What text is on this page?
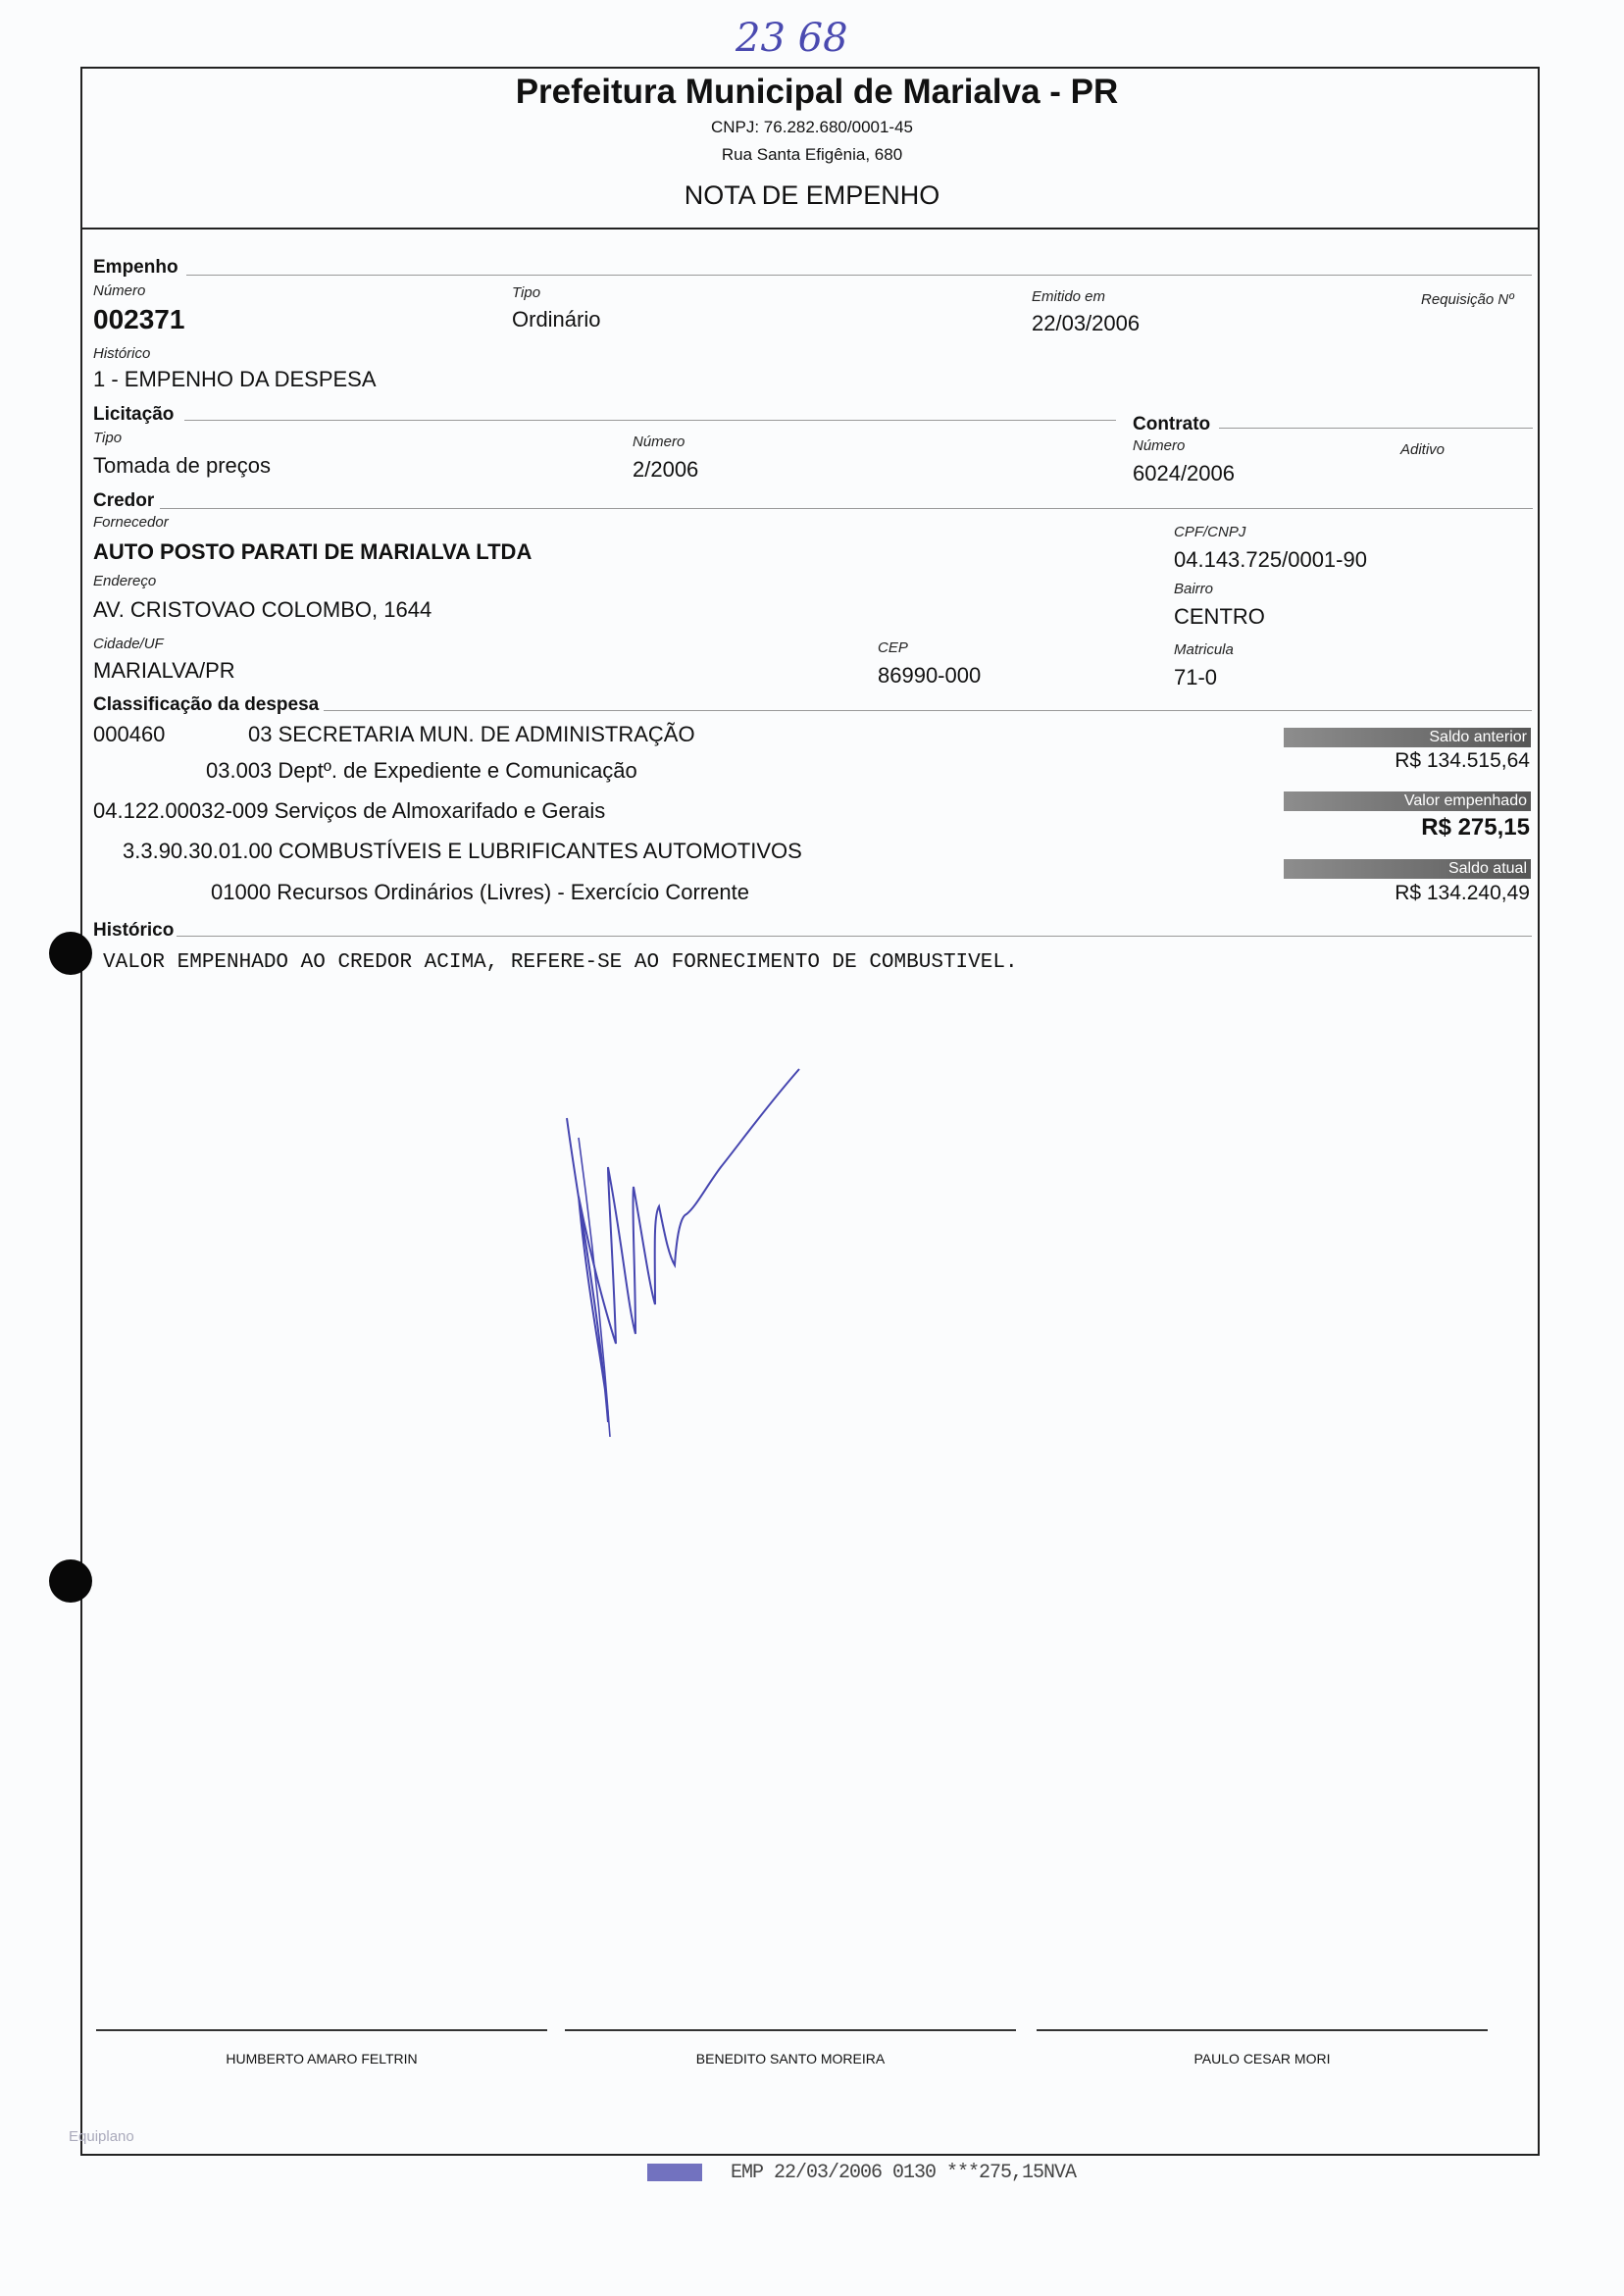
23 68
Prefeitura Municipal de Marialva - PR
CNPJ: 76.282.680/0001-45
Rua Santa Efigênia, 680
NOTA DE EMPENHO
Empenho
Número
002371
Tipo
Ordinário
Emitido em
22/03/2006
Requisição Nº
Histórico
1 - EMPENHO DA DESPESA
Licitação
Tipo
Tomada de preços
Número
2/2006
Contrato
Número
6024/2006
Aditivo
Credor
Fornecedor
AUTO POSTO PARATI DE MARIALVA LTDA
CPF/CNPJ
04.143.725/0001-90
Endereço
AV. CRISTOVAO COLOMBO, 1644
Bairro
CENTRO
Cidade/UF
MARIALVA/PR
CEP
86990-000
Matricula
71-0
Classificação da despesa
000460	03 SECRETARIA MUN. DE ADMINISTRAÇÃO
03.003 Deptº. de Expediente e Comunicação
04.122.00032-009 Serviços de Almoxarifado e Gerais
3.3.90.30.01.00 COMBUSTÍVEIS E LUBRIFICANTES AUTOMOTIVOS
01000 Recursos Ordinários (Livres) - Exercício Corrente
Saldo anterior
R$ 134.515,64
Valor empenhado
R$ 275,15
Saldo atual
R$ 134.240,49
Histórico
VALOR EMPENHADO AO CREDOR ACIMA, REFERE-SE AO FORNECIMENTO DE COMBUSTIVEL.
HUMBERTO AMARO FELTRIN	BENEDITO SANTO MOREIRA	PAULO CESAR MORI
Equiplano
EMP 22/03/2006 0130 ***275,15NVA
